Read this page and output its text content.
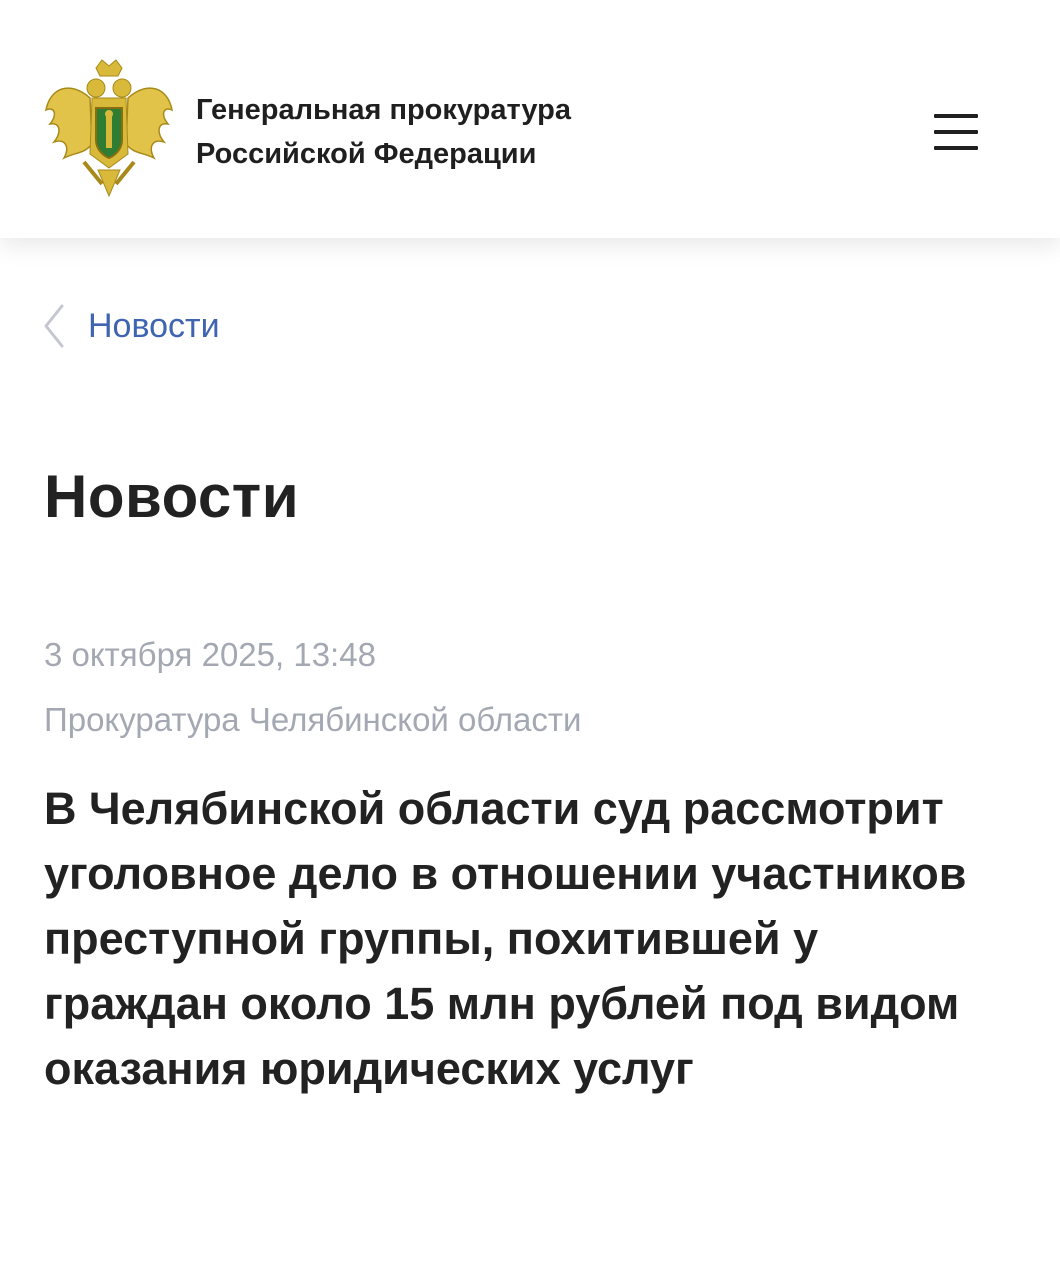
Генеральная прокуратура
Российской Федерации
Новости
Новости
3 октября 2025, 13:48
Прокуратура Челябинской области
В Челябинской области суд рассмотрит уголовное дело в отношении участников преступной группы, похитившей у граждан около 15 млн рублей под видом оказания юридических услуг
